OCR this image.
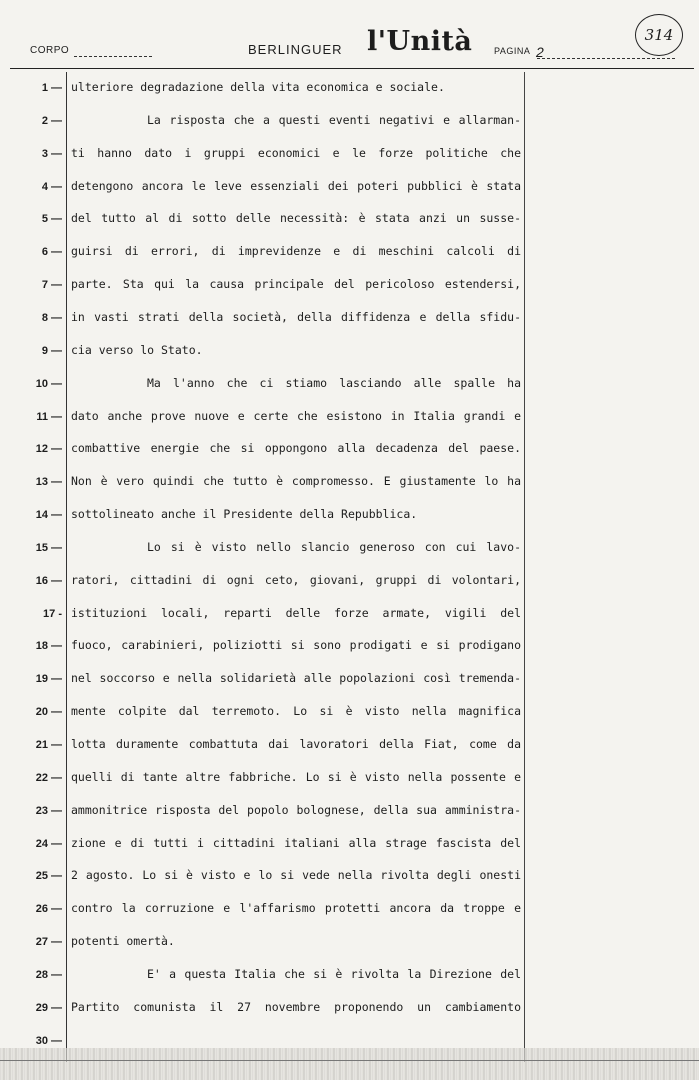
CORPO	BERLINGUER l'Unità PAGINA 2
314
1 —
2 —
3 —
4 —
5 —
6 —
7 —
8 —
9 —
10 —
11 —
12 —
13 —
14 —
15 —
16 —
17 -
18 —
19 —
20 —
21 —
22 —
23 —
24 —
25 —
26 —
27 —
28 —
29 —
30 —
ulteriore degradazione della vita economica e sociale.
La risposta che a questi eventi negativi e allarman-
ti hanno dato i gruppi economici e le forze politiche che
detengono ancora le leve essenziali dei poteri pubblici è stata
del tutto al di sotto delle necessità: è stata anzi un susse-
guirsi di errori, di imprevidenze e di meschini calcoli di
parte. Sta qui la causa principale del pericoloso estendersi,
in vasti strati della società, della diffidenza e della sfidu-
cia verso lo Stato.
Ma l'anno che ci stiamo lasciando alle spalle ha
dato anche prove nuove e certe che esistono in Italia grandi e
combattive energie che si oppongono alla decadenza del paese.
Non è vero quindi che tutto è compromesso. E giustamente lo ha
sottolineato anche il Presidente della Repubblica.
Lo si è visto nello slancio generoso con cui lavo-
ratori, cittadini di ogni ceto, giovani, gruppi di volontari,
istituzioni locali, reparti delle forze armate, vigili del
fuoco, carabinieri, poliziotti si sono prodigati e si prodigano
nel soccorso e nella solidarietà alle popolazioni così tremenda-
mente colpite dal terremoto. Lo si è visto nella magnifica
lotta duramente combattuta dai lavoratori della Fiat, come da
quelli di tante altre fabbriche. Lo si è visto nella possente e
ammonitrice risposta del popolo bolognese, della sua amministra-
zione e di tutti i cittadini italiani alla strage fascista del
2 agosto. Lo si è visto e lo si vede nella rivolta degli onesti
contro la corruzione e l'affarismo protetti ancora da troppe e
potenti omertà.
E' a questa Italia che si è rivolta la Direzione del
Partito comunista il 27 novembre proponendo un cambiamento
